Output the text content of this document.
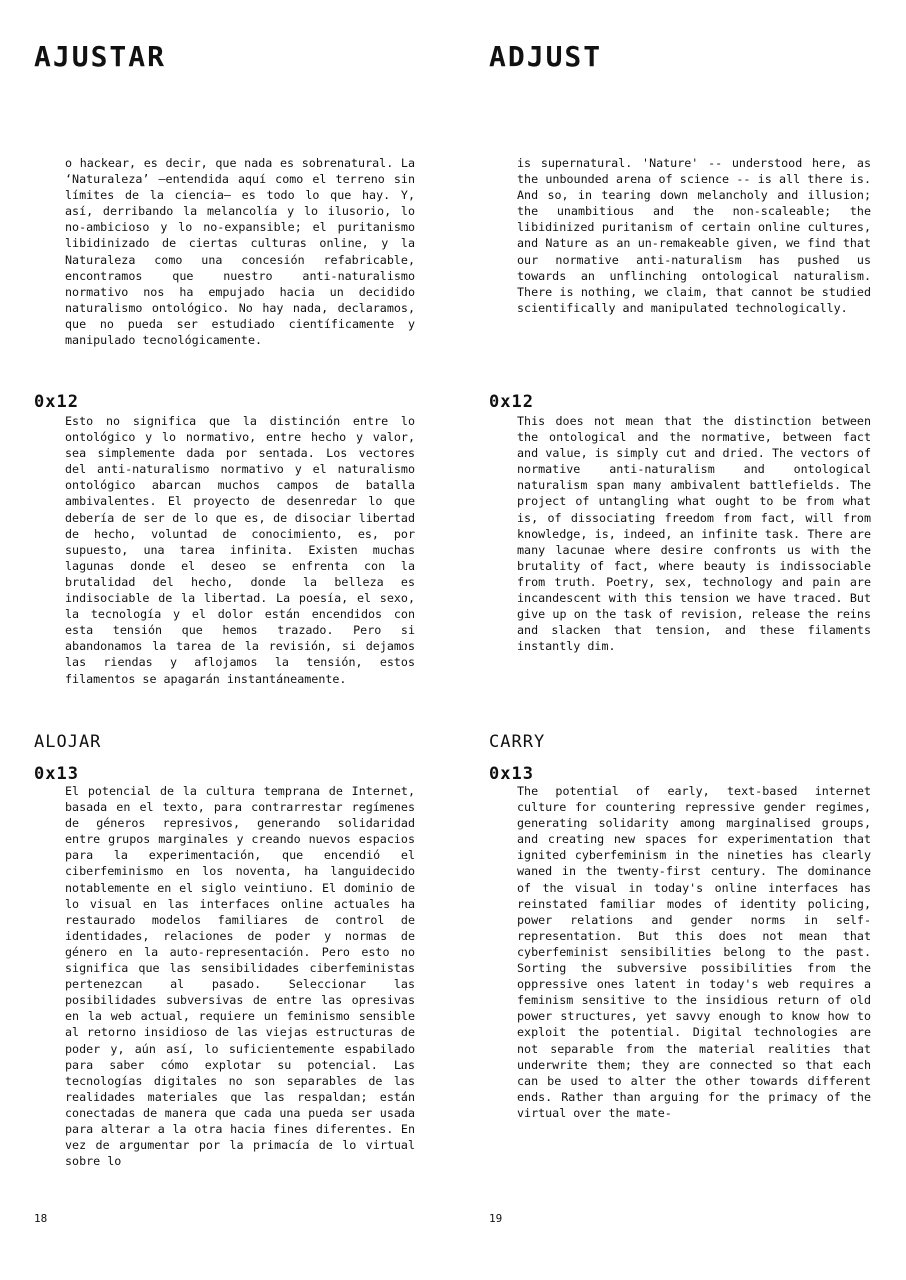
AJUSTAR

o hackear, es decir, que nada es sobrenatural. La ‘Naturaleza’ —entendida aquí como el terreno sin límites de la ciencia— es todo lo que hay. Y, así, derribando la melancolía y lo ilusorio, lo no-ambicioso y lo no-expansible; el puritanismo libidinizado de ciertas culturas online, y la Naturaleza como una concesión refabricable, encontramos que nuestro anti-naturalismo normativo nos ha empujado hacia un decidido naturalismo ontológico. No hay nada, declaramos, que no pueda ser estudiado científicamente y manipulado tecnológicamente.

0x12

Esto no significa que la distinción entre lo ontológico y lo normativo, entre hecho y valor, sea simplemente dada por sentada. Los vectores del anti-naturalismo normativo y el naturalismo ontológico abarcan muchos campos de batalla ambivalentes. El proyecto de desenredar lo que debería de ser de lo que es, de disociar libertad de hecho, voluntad de conocimiento, es, por supuesto, una tarea infinita. Existen muchas lagunas donde el deseo se enfrenta con la brutalidad del hecho, donde la belleza es indisociable de la libertad. La poesía, el sexo, la tecnología y el dolor están encendidos con esta tensión que hemos trazado. Pero si abandonamos la tarea de la revisión, si dejamos las riendas y aflojamos la tensión, estos filamentos se apagarán instantáneamente.

ALOJAR
0x13

El potencial de la cultura temprana de Internet, basada en el texto, para contrarrestar regímenes de géneros represivos, generando solidaridad entre grupos marginales y creando nuevos espacios para la experimentación, que encendió el ciberfeminismo en los noventa, ha languidecido notablemente en el siglo veintiuno. El dominio de lo visual en las interfaces online actuales ha restaurado modelos familiares de control de identidades, relaciones de poder y normas de género en la auto-representación. Pero esto no significa que las sensibilidades ciberfeministas pertenezcan al pasado. Seleccionar las posibilidades subversivas de entre las opresivas en la web actual, requiere un feminismo sensible al retorno insidioso de las viejas estructuras de poder y, aún así, lo suficientemente espabilado para saber cómo explotar su potencial. Las tecnologías digitales no son separables de las realidades materiales que las respaldan; están conectadas de manera que cada una pueda ser usada para alterar a la otra hacia fines diferentes. En vez de argumentar por la primacía de lo virtual sobre lo

18
ADJUST

is supernatural. 'Nature' -- understood here, as the unbounded arena of science -- is all there is. And so, in tearing down melancholy and illusion; the unambitious and the non-scaleable; the libidinized puritanism of certain online cultures, and Nature as an un-remakeable given, we find that our normative anti-naturalism has pushed us towards an unflinching ontological naturalism. There is nothing, we claim, that cannot be studied scientifically and manipulated technologically.

0x12

This does not mean that the distinction between the ontological and the normative, between fact and value, is simply cut and dried. The vectors of normative anti-naturalism and ontological naturalism span many ambivalent battlefields. The project of untangling what ought to be from what is, of dissociating freedom from fact, will from knowledge, is, indeed, an infinite task. There are many lacunae where desire confronts us with the brutality of fact, where beauty is indissociable from truth. Poetry, sex, technology and pain are incandescent with this tension we have traced. But give up on the task of revision, release the reins and slacken that tension, and these filaments instantly dim.

CARRY
0x13

The potential of early, text-based internet culture for countering repressive gender regimes, generating solidarity among marginalised groups, and creating new spaces for experimentation that ignited cyberfeminism in the nineties has clearly waned in the twenty-first century. The dominance of the visual in today's online interfaces has reinstated familiar modes of identity policing, power relations and gender norms in self-representation. But this does not mean that cyberfeminist sensibilities belong to the past. Sorting the subversive possibilities from the oppressive ones latent in today's web requires a feminism sensitive to the insidious return of old power structures, yet savvy enough to know how to exploit the potential. Digital technologies are not separable from the material realities that underwrite them; they are connected so that each can be used to alter the other towards different ends. Rather than arguing for the primacy of the virtual over the mate-

19
